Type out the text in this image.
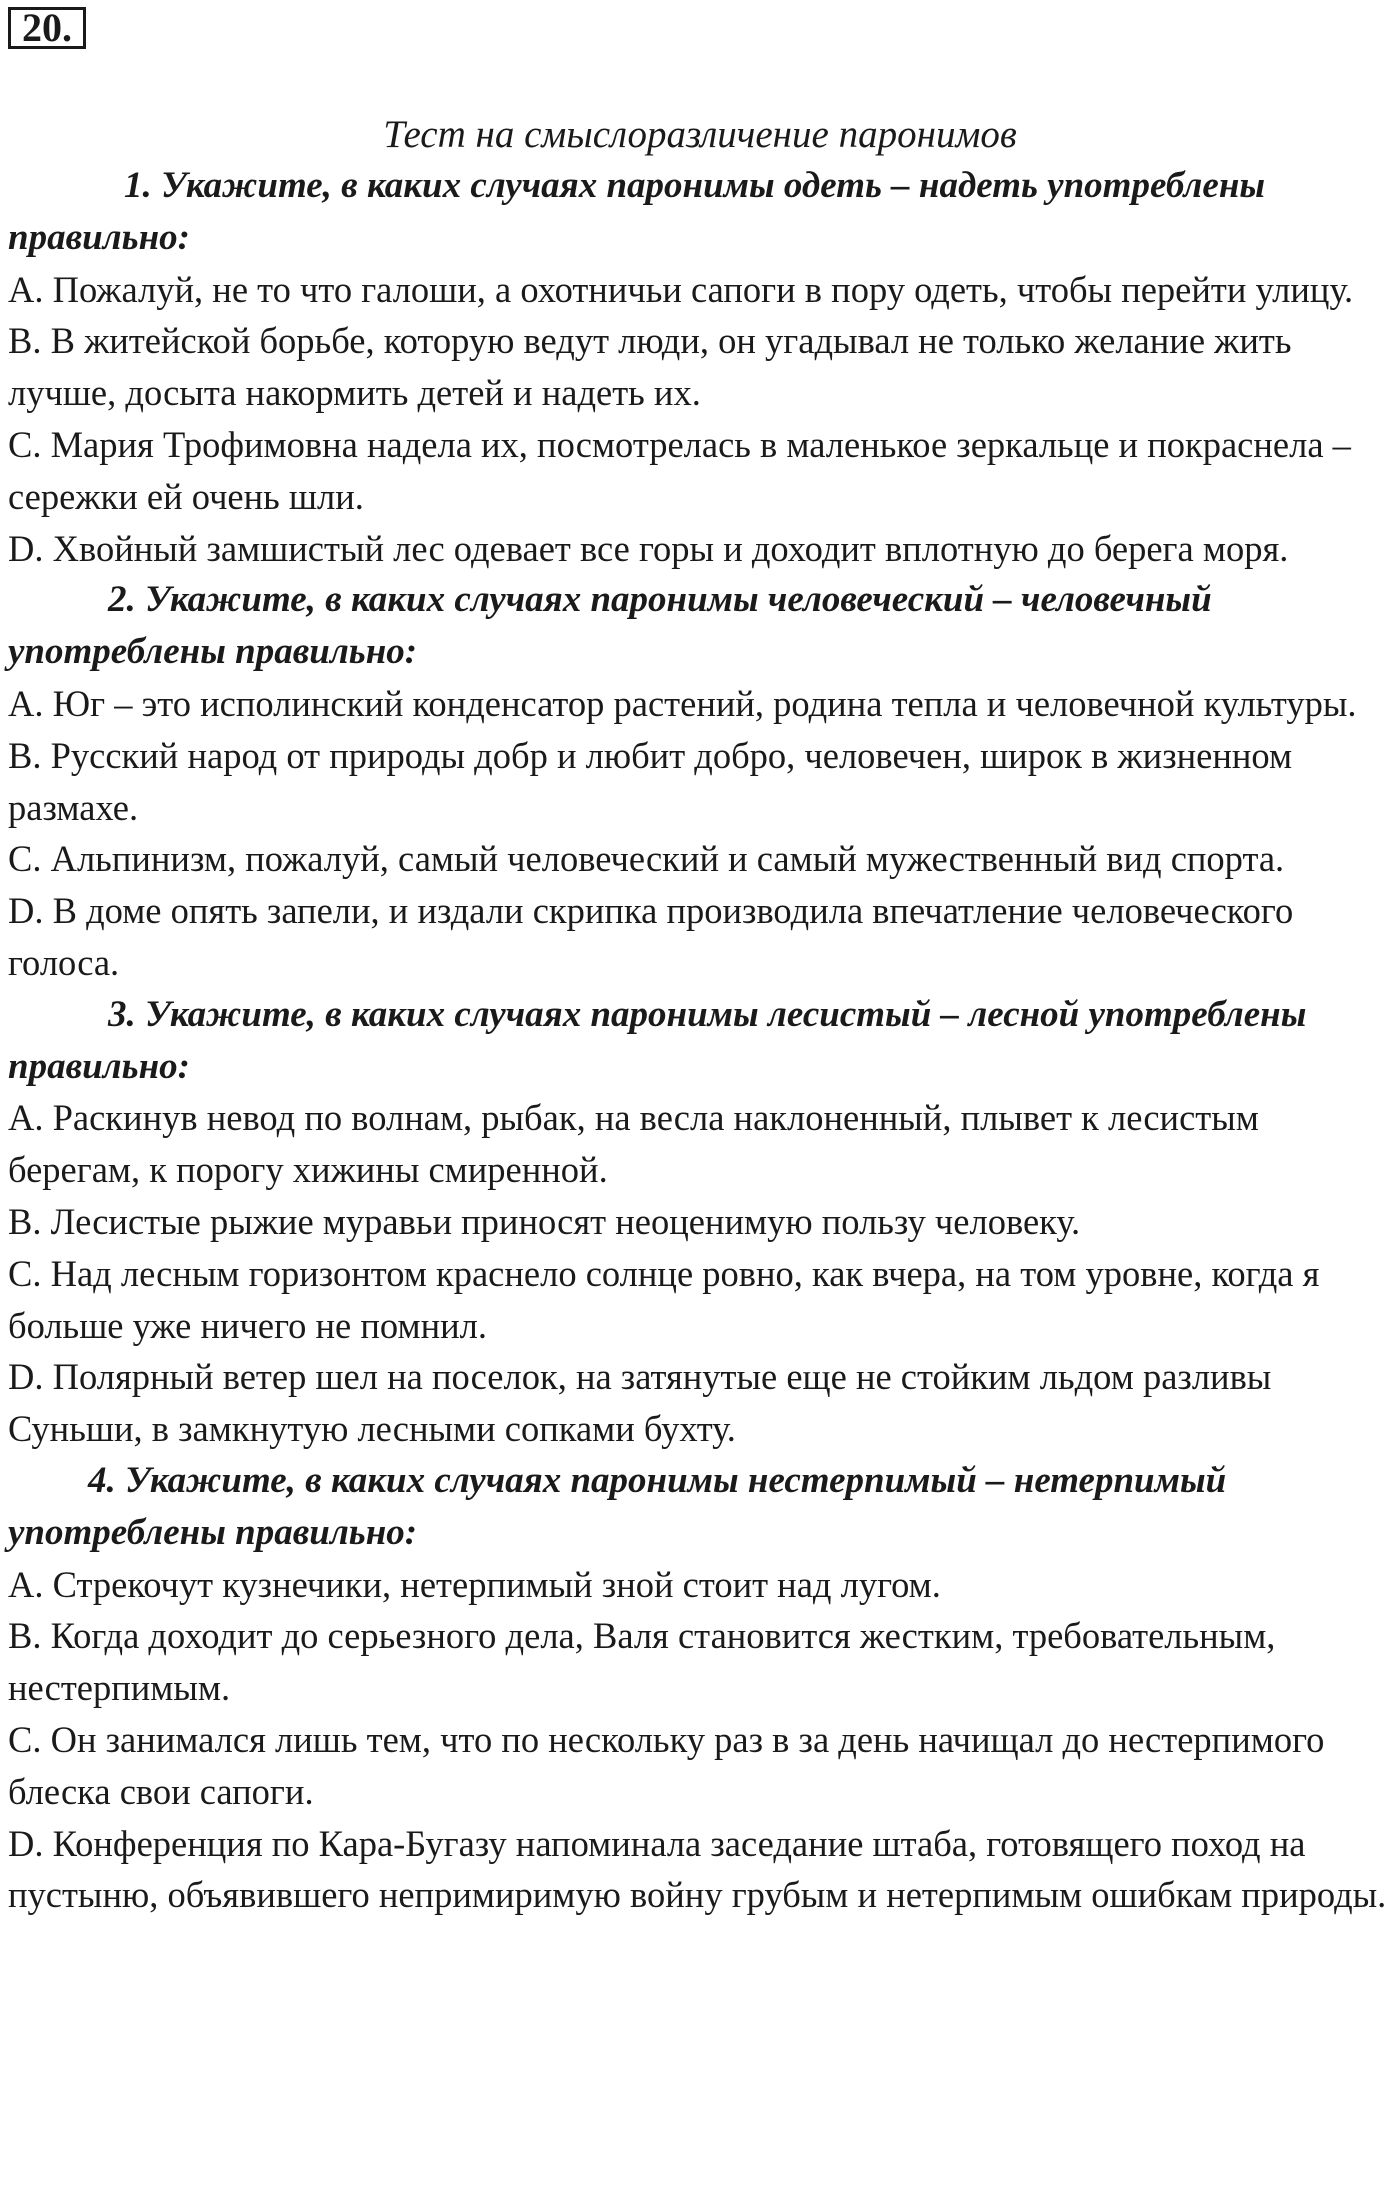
20.
Тест на смыслоразличение паронимов

1. Укажите, в каких случаях паронимы одеть – надеть употреблены правильно:

A. Пожалуй, не то что галоши, а охотничьи сапоги в пору одеть, чтобы перейти улицу.

B. В житейской борьбе, которую ведут люди, он угадывал не только желание жить лучше, досыта накормить детей и надеть их.

C. Мария Трофимовна надела их, посмотрелась в маленькое зеркальце и покраснела – сережки ей очень шли.

D. Хвойный замшистый лес одевает все горы и доходит вплотную до берега моря.

2. Укажите, в каких случаях паронимы человеческий – человечный употреблены правильно:

A. Юг – это исполинский конденсатор растений, родина тепла и человечной культуры.

B. Русский народ от природы добр и любит добро, человечен, широк в жизненном размахе.

C. Альпинизм, пожалуй, самый человеческий и самый мужественный вид спорта.

D. В доме опять запели, и издали скрипка производила впечатление человеческого голоса.

3. Укажите, в каких случаях паронимы лесистый – лесной употреблены правильно:

A. Раскинув невод по волнам, рыбак, на весла наклоненный, плывет к лесистым берегам, к порогу хижины смиренной.

B. Лесистые рыжие муравьи приносят неоценимую пользу человеку.

C. Над лесным горизонтом краснело солнце ровно, как вчера, на том уровне, когда я больше уже ничего не помнил.

D. Полярный ветер шел на поселок, на затянутые еще не стойким льдом разливы Суньши, в замкнутую лесными сопками бухту.

4. Укажите, в каких случаях паронимы нестерпимый – нетерпимый употреблены правильно:

A. Стрекочут кузнечики, нетерпимый зной стоит над лугом.

B. Когда доходит до серьезного дела, Валя становится жестким, требовательным, нестерпимым.

C. Он занимался лишь тем, что по нескольку раз в за день начищал до нестерпимого блеска свои сапоги.

D. Конференция по Кара-Бугазу напоминала заседание штаба, готовящего поход на пустыню, объявившего непримиримую войну грубым и нетерпимым ошибкам природы.
